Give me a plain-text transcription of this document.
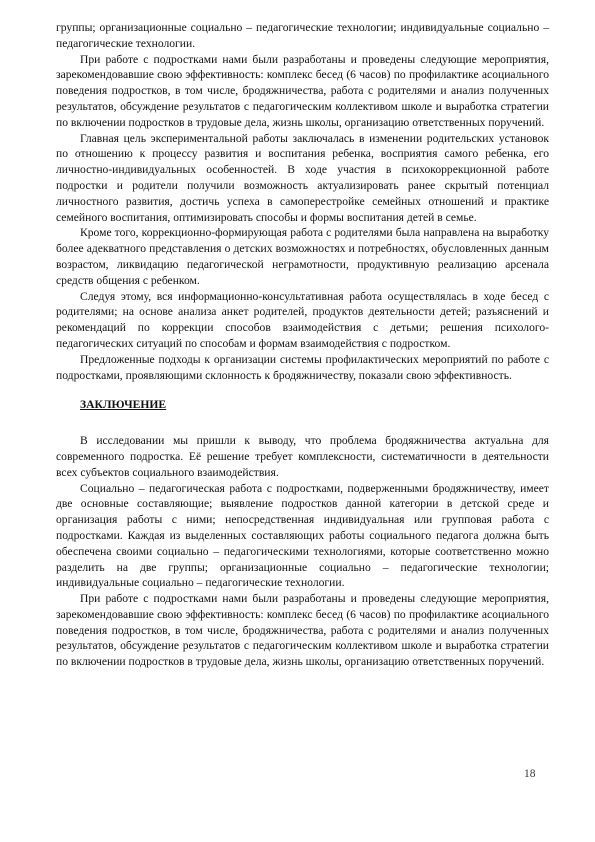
группы; организационные социально – педагогические технологии; индивидуальные социально – педагогические технологии.

При работе с подростками нами были разработаны и проведены следующие мероприятия, зарекомендовавшие свою эффективность: комплекс бесед (6 часов) по профилактике асоциального поведения подростков, в том числе, бродяжничества, работа с родителями и анализ полученных результатов, обсуждение результатов с педагогическим коллективом школе и выработка стратегии по включении подростков в трудовые дела, жизнь школы, организацию ответственных поручений.

Главная цель экспериментальной работы заключалась в изменении родительских установок по отношению к процессу развития и воспитания ребенка, восприятия самого ребенка, его личностно-индивидуальных особенностей. В ходе участия в психокоррекционной работе подростки и родители получили возможность актуализировать ранее скрытый потенциал личностного развития, достичь успеха в самоперестройке семейных отношений и практике семейного воспитания, оптимизировать способы и формы воспитания детей в семье.

Кроме того, коррекционно-формирующая работа с родителями была направлена на выработку более адекватного представления о детских возможностях и потребностях, обусловленных данным возрастом, ликвидацию педагогической неграмотности, продуктивную реализацию арсенала средств общения с ребенком.

Следуя этому, вся информационно-консультативная работа осуществлялась в ходе бесед с родителями; на основе анализа анкет родителей, продуктов деятельности детей; разъяснений и рекомендаций по коррекции способов взаимодействия с детьми; решения психолого-педагогических ситуаций по способам и формам взаимодействия с подростком.

Предложенные подходы к организации системы профилактических мероприятий по работе с подростками, проявляющими склонность к бродяжничеству, показали свою эффективность.

ЗАКЛЮЧЕНИЕ

В исследовании мы пришли к выводу, что проблема бродяжничества актуальна для современного подростка. Её решение требует комплексности, систематичности в деятельности всех субъектов социального взаимодействия.

Социально – педагогическая работа с подростками, подверженными бродяжничеству, имеет две основные составляющие; выявление подростков данной категории в детской среде и организация работы с ними; непосредственная индивидуальная или групповая работа с подростками. Каждая из выделенных составляющих работы социального педагога должна быть обеспечена своими социально – педагогическими технологиями, которые соответственно можно разделить на две группы; организационные социально – педагогические технологии; индивидуальные социально – педагогические технологии.

При работе с подростками нами были разработаны и проведены следующие мероприятия, зарекомендовавшие свою эффективность: комплекс бесед (6 часов) по профилактике асоциального поведения подростков, в том числе, бродяжничества, работа с родителями и анализ полученных результатов, обсуждение результатов с педагогическим коллективом школе и выработка стратегии по включении подростков в трудовые дела, жизнь школы, организацию ответственных поручений.

18
